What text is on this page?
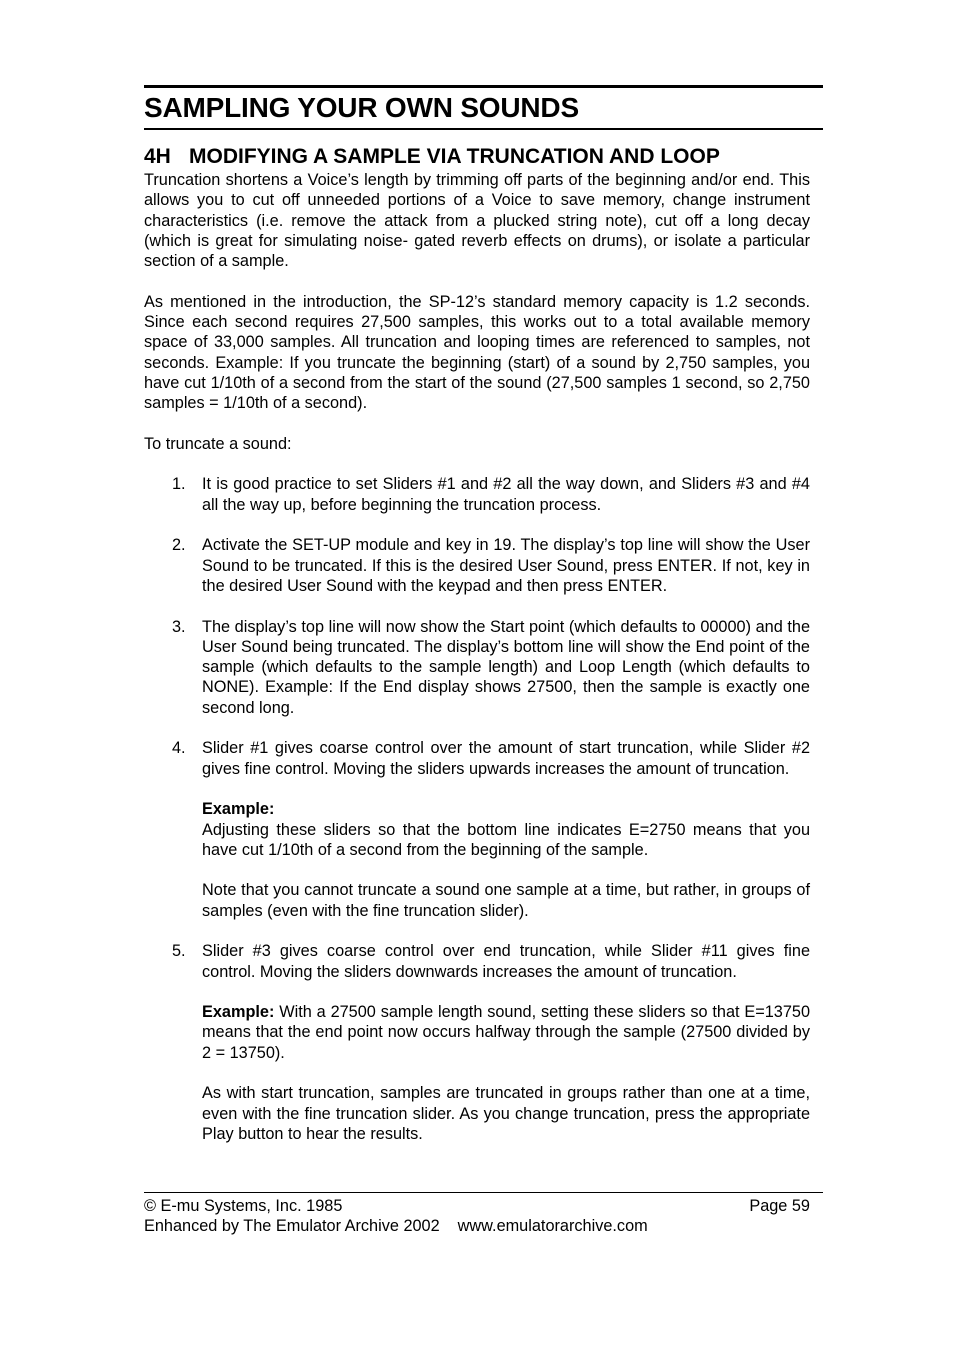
SAMPLING YOUR OWN SOUNDS
4H MODIFYING A SAMPLE VIA TRUNCATION AND LOOP

Truncation shortens a Voice’s length by trimming off parts of the beginning and/or end. This allows you to cut off unneeded portions of a Voice to save memory, change instrument characteristics (i.e. remove the attack from a plucked string note), cut off a long decay (which is great for simulating noise- gated reverb effects on drums), or isolate a particular section of a sample.

As mentioned in the introduction, the SP-12’s standard memory capacity is 1.2 seconds. Since each second requires 27,500 samples, this works out to a total available memory space of 33,000 samples. All truncation and looping times are referenced to samples, not seconds. Example: If you truncate the beginning (start) of a sound by 2,750 samples, you have cut 1/10th of a second from the start of the sound (27,500 samples 1 second, so 2,750 samples = 1/10th of a second).

To truncate a sound:

1. It is good practice to set Sliders #1 and #2 all the way down, and Sliders #3 and #4 all the way up, before beginning the truncation process.

2. Activate the SET-UP module and key in 19. The display’s top line will show the User Sound to be truncated. If this is the desired User Sound, press ENTER. If not, key in the desired User Sound with the keypad and then press ENTER.

3. The display’s top line will now show the Start point (which defaults to 00000) and the User Sound being truncated. The display’s bottom line will show the End point of the sample (which defaults to the sample length) and Loop Length (which defaults to NONE). Example: If the End display shows 27500, then the sample is exactly one second long.

4. Slider #1 gives coarse control over the amount of start truncation, while Slider #2 gives fine control. Moving the sliders upwards increases the amount of truncation.

Example:
Adjusting these sliders so that the bottom line indicates E=2750 means that you have cut 1/10th of a second from the beginning of the sample.

Note that you cannot truncate a sound one sample at a time, but rather, in groups of samples (even with the fine truncation slider).

5. Slider #3 gives coarse control over end truncation, while Slider #11 gives fine control. Moving the sliders downwards increases the amount of truncation.

Example: With a 27500 sample length sound, setting these sliders so that E=13750 means that the end point now occurs halfway through the sample (27500 divided by 2 = 13750).

As with start truncation, samples are truncated in groups rather than one at a time, even with the fine truncation slider. As you change truncation, press the appropriate Play button to hear the results.

© E-mu Systems, Inc. 1985	Page 59
Enhanced by The Emulator Archive 2002 www.emulatorarchive.com
